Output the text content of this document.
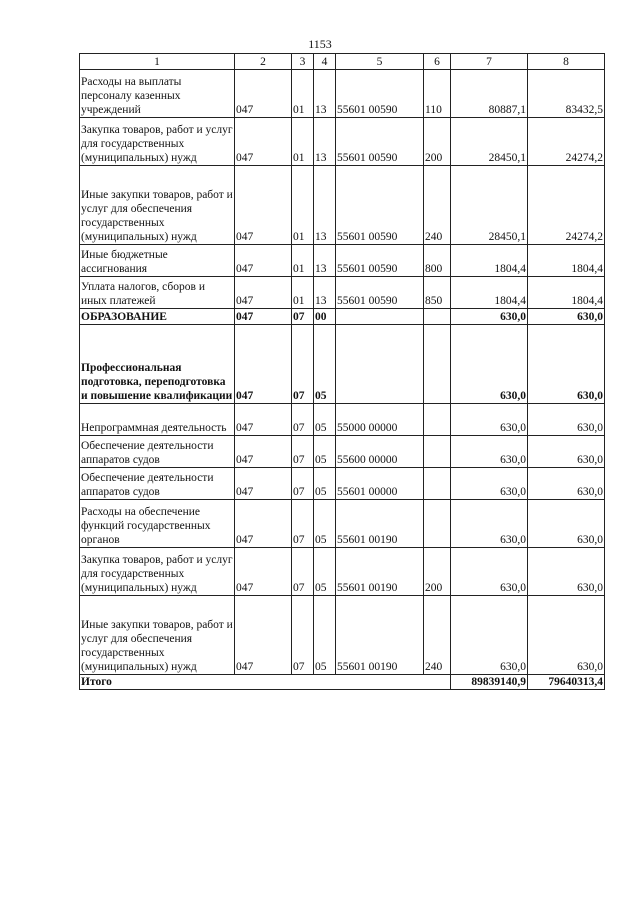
1153
1	2	3	4	5	6	7	8
Расходы на выплаты персоналу казенных учреждений	047	01	13	55601 00590	110	80887,1	83432,5
Закупка товаров, работ и услуг для государственных (муниципальных) нужд	047	01	13	55601 00590	200	28450,1	24274,2
Иные закупки товаров, работ и услуг для обеспечения государственных (муниципальных) нужд	047	01	13	55601 00590	240	28450,1	24274,2
Иные бюджетные ассигнования	047	01	13	55601 00590	800	1804,4	1804,4
Уплата налогов, сборов и иных платежей	047	01	13	55601 00590	850	1804,4	1804,4
ОБРАЗОВАНИЕ	047	07	00			630,0	630,0
Профессиональная подготовка, переподготовка и повышение квалификации	047	07	05			630,0	630,0
Непрограммная деятельность	047	07	05	55000 00000		630,0	630,0
Обеспечение деятельности аппаратов судов	047	07	05	55600 00000		630,0	630,0
Обеспечение деятельности аппаратов судов	047	07	05	55601 00000		630,0	630,0
Расходы на обеспечение функций государственных органов	047	07	05	55601 00190		630,0	630,0
Закупка товаров, работ и услуг для государственных (муниципальных) нужд	047	07	05	55601 00190	200	630,0	630,0
Иные закупки товаров, работ и услуг для обеспечения государственных (муниципальных) нужд	047	07	05	55601 00190	240	630,0	630,0
Итого						89839140,9	79640313,4
